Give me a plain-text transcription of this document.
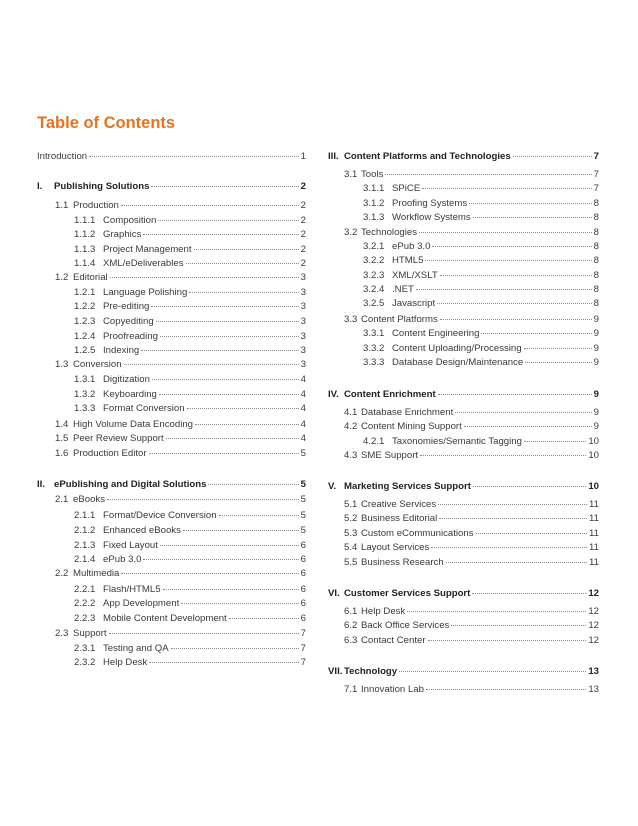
Table of Contents
Introduction	1
I.	Publishing Solutions	2
1.1 Production	2
1.1.1 Composition	2
1.1.2 Graphics	2
1.1.3 Project Management	2
1.1.4 XML/eDeliverables	2
1.2 Editorial	3
1.2.1 Language Polishing	3
1.2.2 Pre-editing	3
1.2.3 Copyediting	3
1.2.4 Proofreading	3
1.2.5 Indexing	3
1.3 Conversion	3
1.3.1 Digitization	4
1.3.2 Keyboarding	4
1.3.3 Format Conversion	4
1.4 High Volume Data Encoding	4
1.5 Peer Review Support	4
1.6 Production Editor	5
II. ePublishing and Digital Solutions	5
2.1 eBooks	5
2.1.1 Format/Device Conversion	5
2.1.2 Enhanced eBooks	5
2.1.3 Fixed Layout	6
2.1.4 ePub 3.0	6
2.2 Multimedia	6
2.2.1 Flash/HTML5	6
2.2.2 App Development	6
2.2.3 Mobile Content Development	6
2.3 Support	7
2.3.1 Testing and QA	7
2.3.2 Help Desk	7
III. Content Platforms and Technologies	7
3.1 Tools	7
3.1.1 SPiCE	7
3.1.2 Proofing Systems	8
3.1.3 Workflow Systems	8
3.2 Technologies	8
3.2.1 ePub 3.0	8
3.2.2 HTML5	8
3.2.3 XML/XSLT	8
3.2.4 .NET	8
3.2.5 Javascript	8
3.3 Content Platforms	9
3.3.1 Content Engineering	9
3.3.2 Content Uploading/Processing	9
3.3.3 Database Design/Maintenance	9
IV. Content Enrichment	9
4.1 Database Enrichment	9
4.2 Content Mining Support	9
4.2.1 Taxonomies/Semantic Tagging	10
4.3 SME Support	10
V. Marketing Services Support	10
5.1 Creative Services	11
5.2 Business Editorial	11
5.3 Custom eCommunications	11
5.4 Layout Services	11
5.5 Business Research	11
VI. Customer Services Support	12
6.1 Help Desk	12
6.2 Back Office Services	12
6.3 Contact Center	12
VII. Technology	13
7.1 Innovation Lab	13
